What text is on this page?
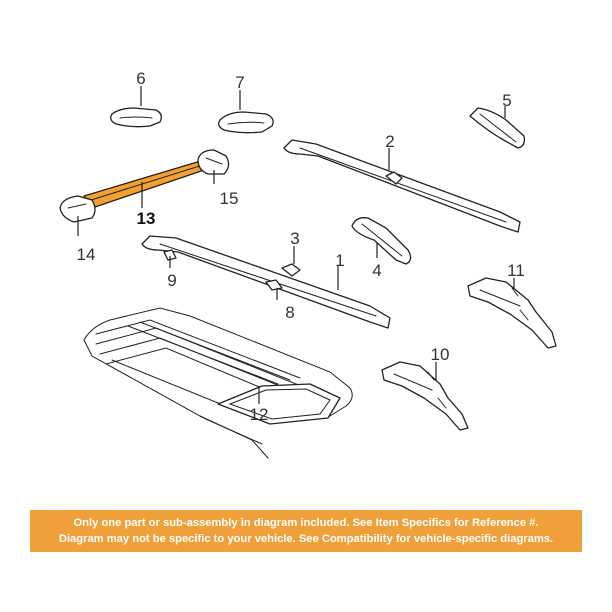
1
2
3
4
5
6	7
8
9
10
11
12
13
14
15
Only one part or sub-assembly in diagram included. See Item Specifics for Reference #.
Diagram may not be specific to your vehicle. See Compatibility for vehicle-specific diagrams.
